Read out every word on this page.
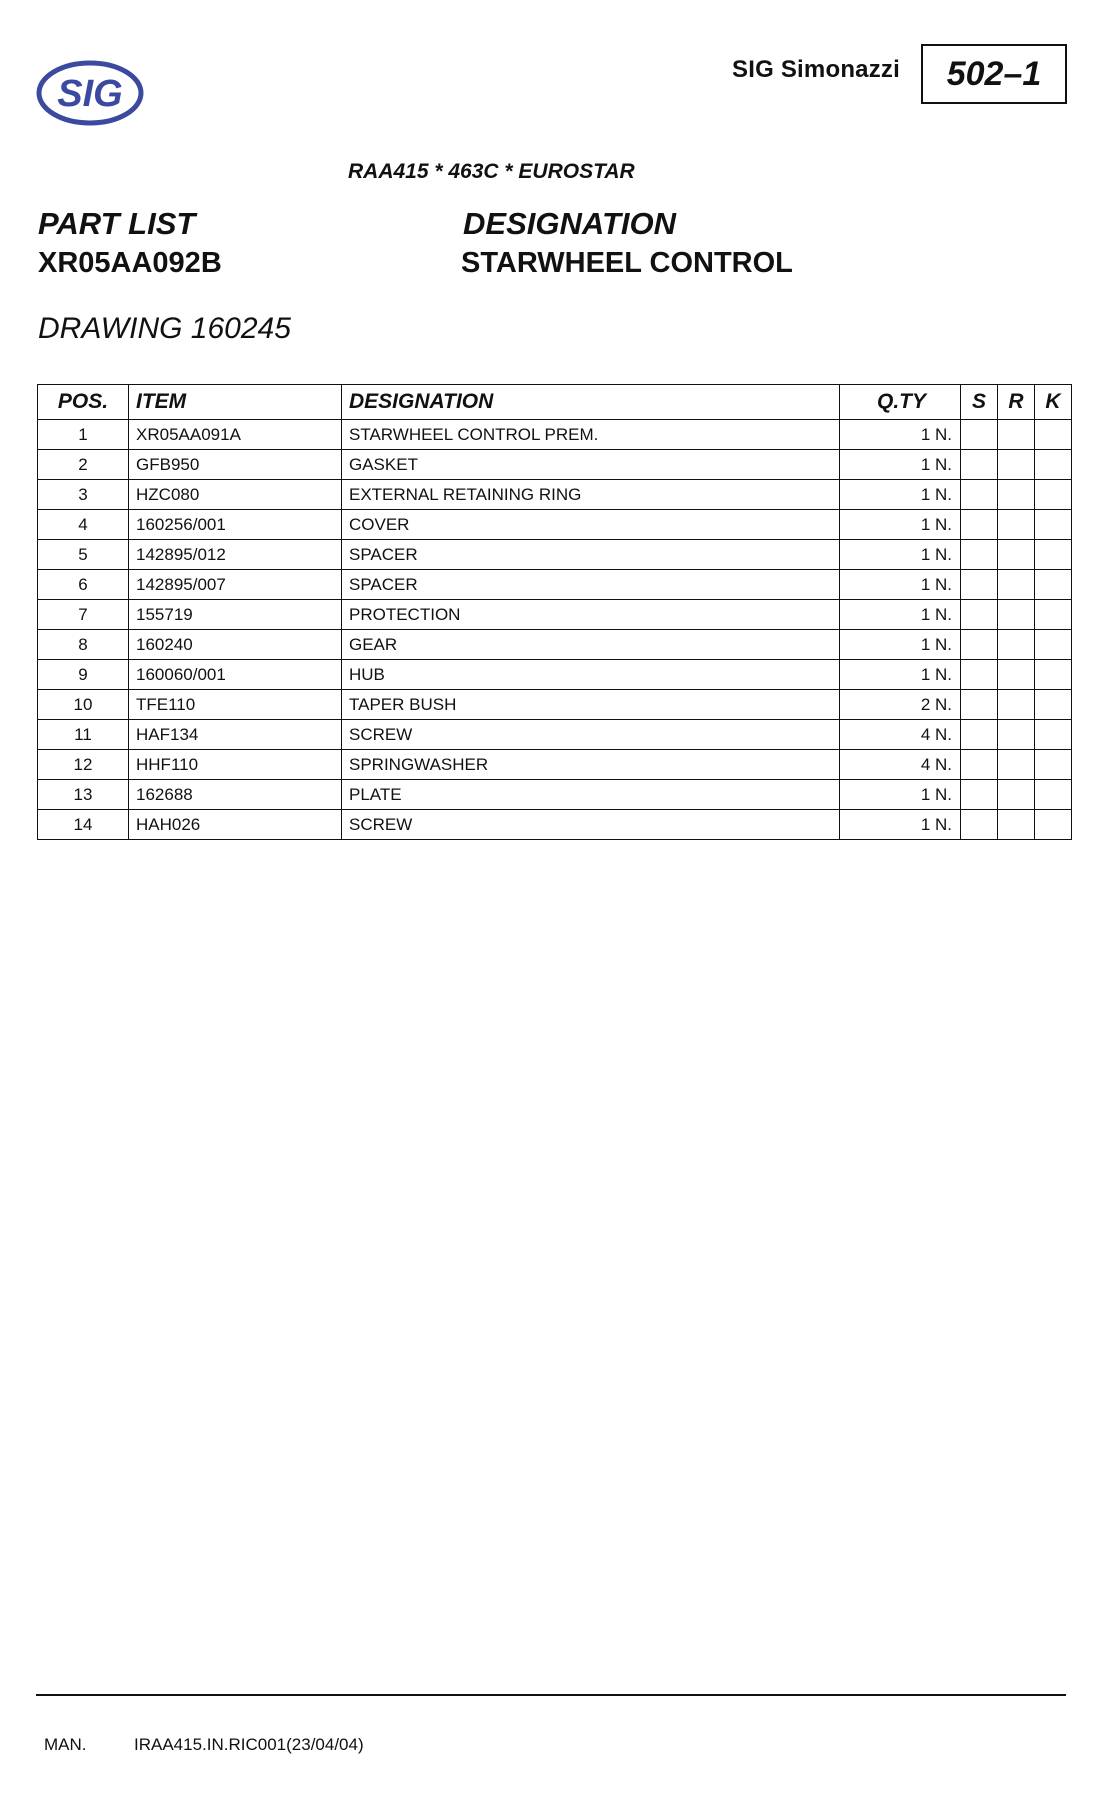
SIG
SIG Simonazzi 502–1
RAA415 * 463C * EUROSTAR
PART LIST
XR05AA092B
DESIGNATION
STARWHEEL CONTROL
DRAWING 160245
POS.	ITEM	DESIGNATION	Q.TY	S	R	K
1	XR05AA091A	STARWHEEL CONTROL PREM.	1 N.			
2	GFB950	GASKET	1 N.			
3	HZC080	EXTERNAL RETAINING RING	1 N.			
4	160256/001	COVER	1 N.			
5	142895/012	SPACER	1 N.			
6	142895/007	SPACER	1 N.			
7	155719	PROTECTION	1 N.			
8	160240	GEAR	1 N.			
9	160060/001	HUB	1 N.			
10	TFE110	TAPER BUSH	2 N.			
11	HAF134	SCREW	4 N.			
12	HHF110	SPRINGWASHER	4 N.			
13	162688	PLATE	1 N.			
14	HAH026	SCREW	1 N.			
MAN.	IRAA415.IN.RIC001(23/04/04)
